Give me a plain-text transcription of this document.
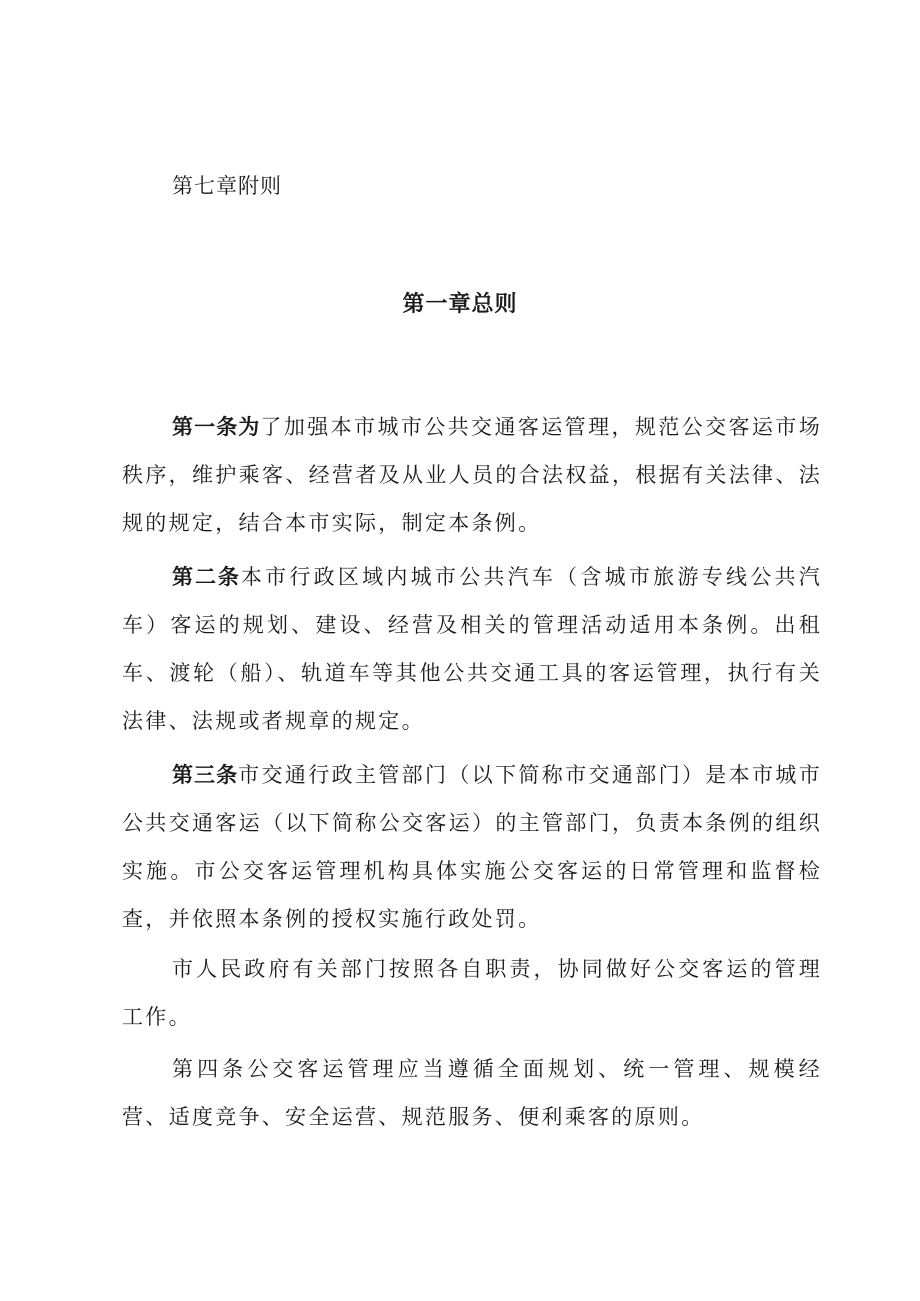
第七章附则
第一章总则

第一条为了加强本市城市公共交通客运管理，规范公交客运市场秩序，维护乘客、经营者及从业人员的合法权益，根据有关法律、法规的规定，结合本市实际，制定本条例。

第二条本市行政区域内城市公共汽车（含城市旅游专线公共汽车）客运的规划、建设、经营及相关的管理活动适用本条例。出租车、渡轮（船）、轨道车等其他公共交通工具的客运管理，执行有关法律、法规或者规章的规定。

第三条市交通行政主管部门（以下简称市交通部门）是本市城市公共交通客运（以下简称公交客运）的主管部门，负责本条例的组织实施。市公交客运管理机构具体实施公交客运的日常管理和监督检查，并依照本条例的授权实施行政处罚。

市人民政府有关部门按照各自职责，协同做好公交客运的管理工作。

第四条公交客运管理应当遵循全面规划、统一管理、规模经营、适度竞争、安全运营、规范服务、便利乘客的原则。
